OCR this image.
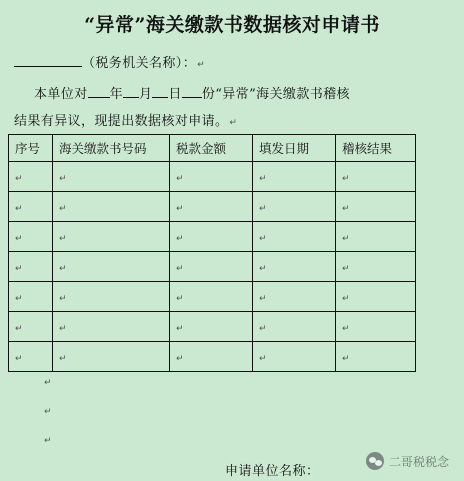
“异常”海关缴款书数据核对申请书
（税务机关名称）：↵
本单位对 年 月 日 份“异常”海关缴款书稽核
结果有异议，现提出数据核对申请。↵
序号	海关缴款书号码	税款金额	填发日期	稽核结果
↵	↵	↵	↵	↵
↵	↵	↵	↵	↵
↵	↵	↵	↵	↵
↵	↵	↵	↵	↵
↵	↵	↵	↵	↵
↵	↵	↵	↵	↵
↵	↵	↵	↵	↵
↵
↵
↵
申请单位名称：
二哥税税念
